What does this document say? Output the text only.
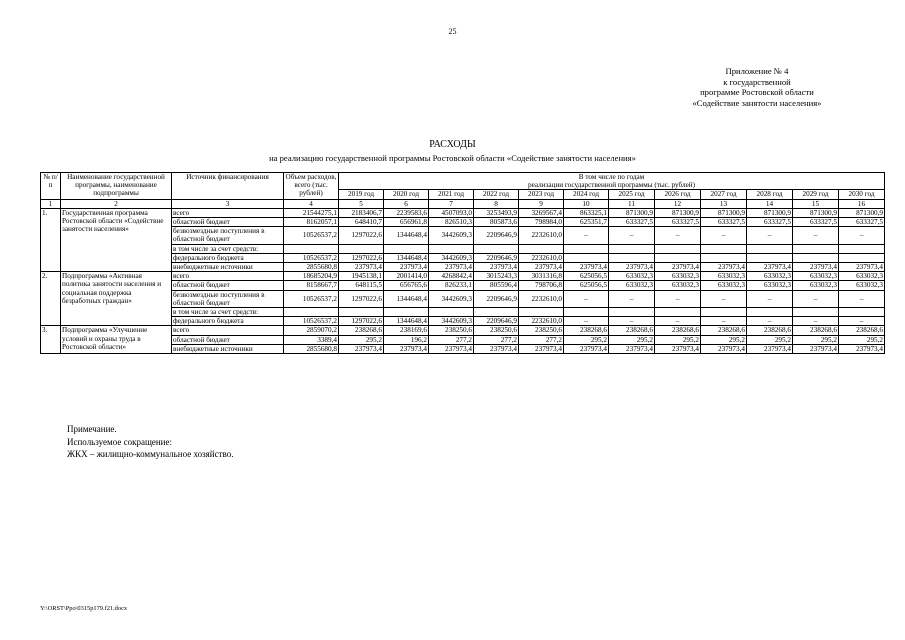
25
Приложение № 4
к государственной
программе Ростовской области
«Содействие занятости населения»
РАСХОДЫ
на реализацию государственной программы Ростовской области «Содействие занятости населения»
№ п/п	Наименование государственной программы, наименование подпрограммы	Источник финансирования	Объем расходов, всего (тыс. рублей)	В том числе по годам											
				реализации государственной программы (тыс. рублей)											
				2019 год	2020 год	2021 год	2022 год	2023 год	2024 год	2025 год	2026 год	2027 год	2028 год	2029 год	2030 год
1	2	3	4	5	6	7	8	9	10	11	12	13	14	15	16
1.	Государственная программа Ростовской области «Содействие занятости населения»	всего	21544275,1	2183406,7	2239583,6	4507093,0	3253493,9	3269567,4	863325,1	871300,9	871300,9	871300,9	871300,9	871300,9	871300,9
		областной бюджет	8162057,1	648410,7	656961,8	826510,3	805873,6	798984,0	625351,7	633327,5	633327,5	633327,5	633327,5	633327,5	633327,5
		безвозмездные поступления в областной бюджет	10526537,2	1297022,6	1344648,4	3442609,3	2209646,9	2232610,0	–	–	–	–	–	–	–
		в том числе за счет средств:													
		федерального бюджета	10526537,2	1297022,6	1344648,4	3442609,3	2209646,9	2232610,0							
		внебюджетные источники	2855680,8	237973,4	237973,4	237973,4	237973,4	237973,4	237973,4	237973,4	237973,4	237973,4	237973,4	237973,4	237973,4
2.	Подпрограмма «Активная политика занятости населения и социальная поддержка безработных граждан»	всего	18685204,9	1945138,1	2001414,0	4268842,4	3015243,3	3031316,8	625056,5	633032,3	633032,3	633032,3	633032,3	633032,3	633032,3
		областной бюджет	8158667,7	648115,5	656765,6	826233,1	805596,4	798706,8	625056,5	633032,3	633032,3	633032,3	633032,3	633032,3	633032,3
		безвозмездные поступления в областной бюджет	10526537,2	1297022,6	1344648,4	3442609,3	2209646,9	2232610,0	–	–	–	–	–	–	–
		в том числе за счет средств:													
		федерального бюджета	10526537,2	1297022,6	1344648,4	3442609,3	2209646,9	2232610,0	–	–	–	–	–	–	–
3.	Подпрограмма «Улучшение условий и охраны труда в Ростовской области»	всего	2859070,2	238268,6	238169,6	238250,6	238250,6	238250,6	238268,6	238268,6	238268,6	238268,6	238268,6	238268,6	238268,6
		областной бюджет	3389,4	295,2	196,2	277,2	277,2	277,2	295,2	295,2	295,2	295,2	295,2	295,2	295,2
		внебюджетные источники	2855680,8	237973,4	237973,4	237973,4	237973,4	237973,4	237973,4	237973,4	237973,4	237973,4	237973,4	237973,4	237973,4
Примечание.
Используемое сокращение:
ЖКХ – жилищно-коммунальное хозяйство.
Y:\ORST\Ppo\0315p179.f21.docx
